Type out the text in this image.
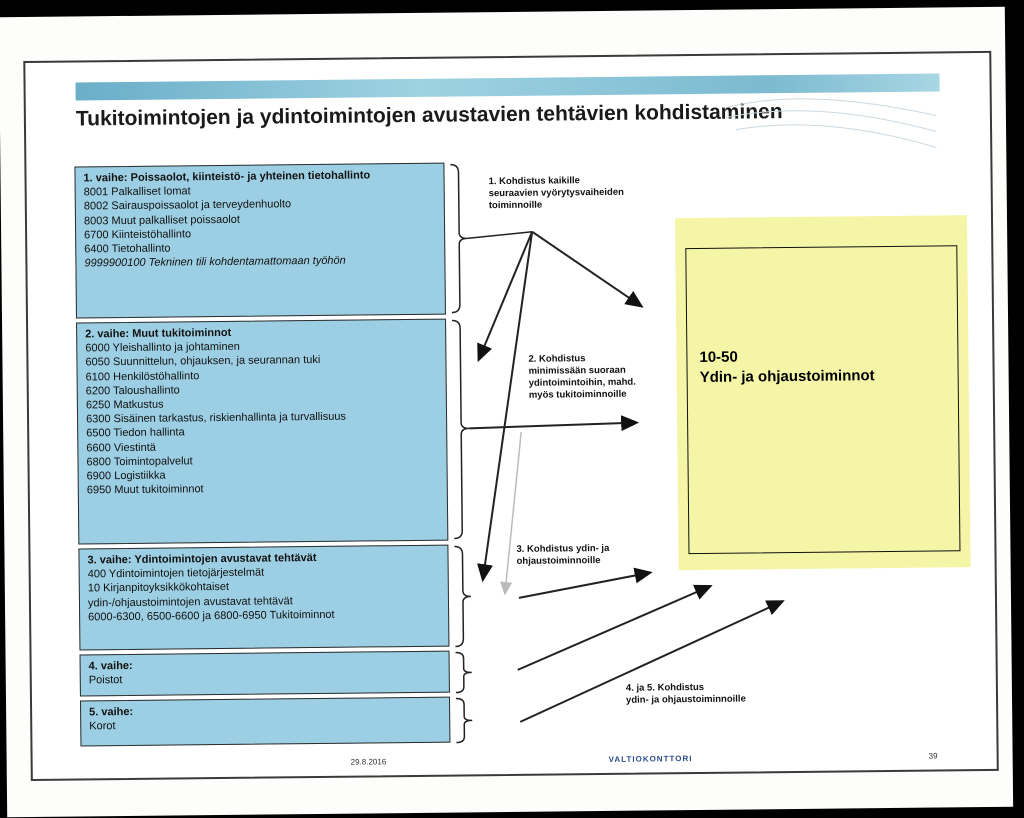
Tukitoimintojen ja ydintoimintojen avustavien tehtävien kohdistaminen
1. vaihe: Poissaolot, kiinteistö- ja yhteinen tietohallinto
8001 Palkalliset lomat
8002 Sairauspoissaolot ja terveydenhuolto
8003 Muut palkalliset poissaolot
6700 Kiinteistöhallinto
6400 Tietohallinto
9999900100 Tekninen tili kohdentamattomaan työhön
2. vaihe: Muut tukitoiminnot
6000 Yleishallinto ja johtaminen
6050 Suunnittelun, ohjauksen, ja seurannan tuki
6100 Henkilöstöhallinto
6200 Taloushallinto
6250 Matkustus
6300 Sisäinen tarkastus, riskienhallinta ja turvallisuus
6500 Tiedon hallinta
6600 Viestintä
6800 Toimintopalvelut
6900 Logistiikka
6950 Muut tukitoiminnot
3. vaihe: Ydintoimintojen avustavat tehtävät
400 Ydintoimintojen tietojärjestelmät
10 Kirjanpitoyksikkökohtaiset
ydin-/ohjaustoimintojen avustavat tehtävät
6000-6300, 6500-6600 ja 6800-6950 Tukitoiminnot
4. vaihe:
Poistot
5. vaihe:
Korot
1. Kohdistus kaikille
seuraavien vyörytysvaiheiden
toiminnoille
2. Kohdistus
minimissään suoraan
ydintoimintoihin, mahd.
myös tukitoiminnoille
3. Kohdistus ydin- ja
ohjaustoiminnoille
4. ja 5. Kohdistus
ydin- ja ohjaustoiminnoille
10-50
Ydin- ja ohjaustoiminnot
29.8.2016	VALTIOKONTTORI	39
